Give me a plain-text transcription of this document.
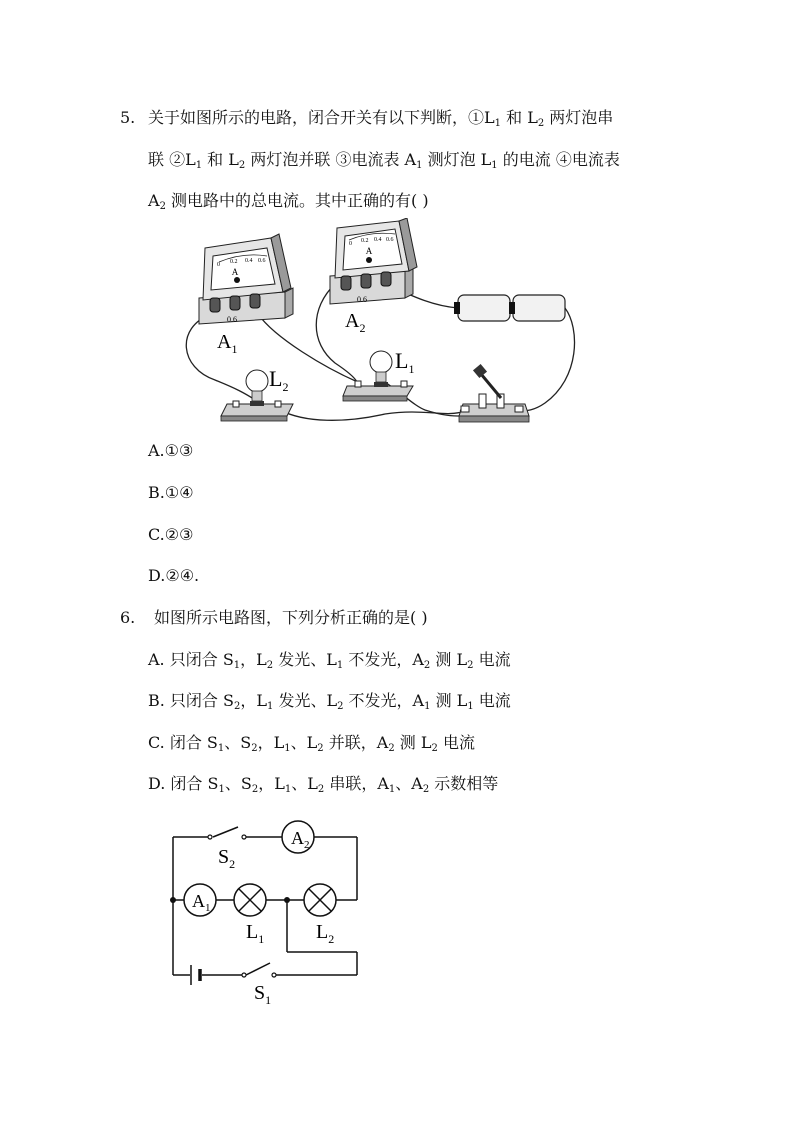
5. 关于如图所示的电路，闭合开关有以下判断，$①L_1$ 和 $L_2$ 两灯泡串
联 $②L_1$ 和 $L_2$ 两灯泡并联 ③电流表 $A_1$ 测灯泡 $L_1$ 的电流 ④电流表
$A_2$ 测电路中的总电流。其中正确的有( )
A
0 0.2 0.4 0.6
0.6
$A_1$
A
0 0.2 0.4 0.6
0.6
$A_2$
$L_1$
$L_2$
A.①③
B.①④
C.②③
D.②④.
6. 如图所示电路图，下列分析正确的是( )
A. 只闭合 $S_1$，$L_2$ 发光、$L_1$ 不发光，$A_2$ 测 $L_2$ 电流
B. 只闭合 $S_2$，$L_1$ 发光、$L_2$ 不发光，$A_1$ 测 $L_1$ 电流
C. 闭合 $S_1$、$S_2$，$L_1$、$L_2$ 并联，$A_2$ 测 $L_2$ 电流
D. 闭合 $S_1$、$S_2$，$L_1$、$L_2$ 串联，$A_1$、$A_2$ 示数相等
$A_2$
$A_1$
$S_2$
$L_1$	$L_2$
$S_1$
